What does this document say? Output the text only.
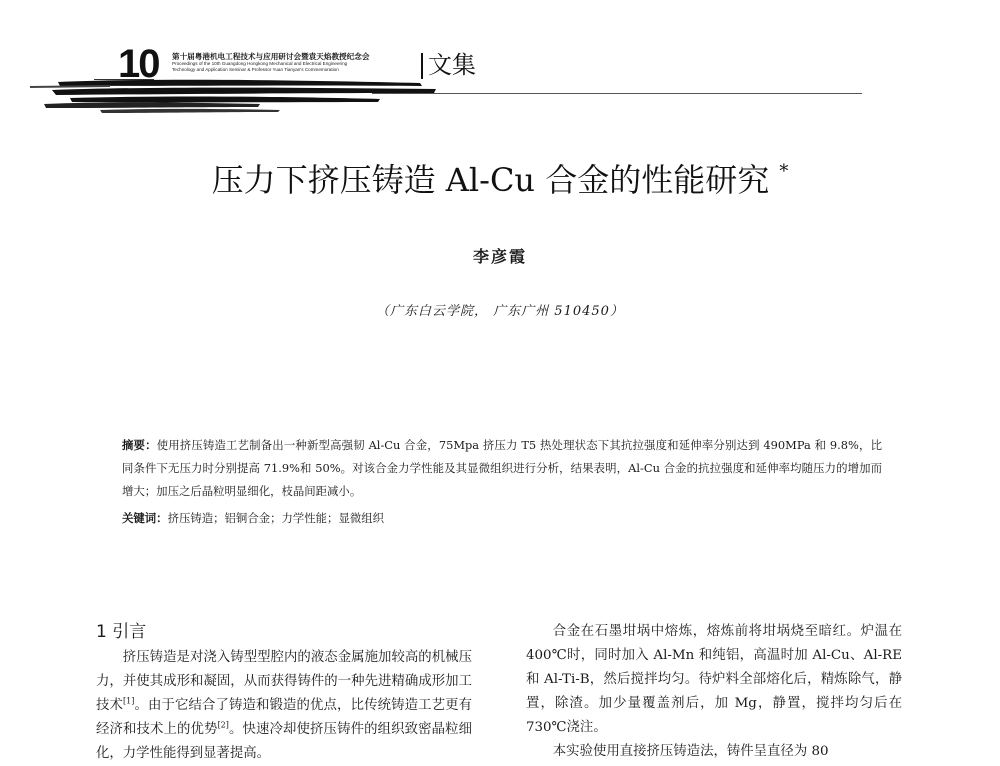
10 第十届粤港机电工程技术与应用研讨会暨袁天焰教授纪念会
Proceedings of the 10th Guangdong Hongkong Mechanical and Electrical Engineering
Technology and Application Seminar & Professor Yuan Tianyan's Commemoration	文集
压力下挤压铸造 Al-Cu 合金的性能研究 *
李彦霞
（广东白云学院， 广东广州 510450）
摘要：使用挤压铸造工艺制备出一种新型高强韧 Al-Cu 合金，75Mpa 挤压力 T5 热处理状态下其抗拉强度和延伸率分别达到 490MPa 和 9.8%，比同条件下无压力时分别提高 71.9%和 50%。对该合金力学性能及其显微组织进行分析，结果表明，Al-Cu 合金的抗拉强度和延伸率均随压力的增加而增大；加压之后晶粒明显细化，枝晶间距减小。
关键词：挤压铸造；铝铜合金；力学性能；显微组织
1 引言

挤压铸造是对浇入铸型型腔内的液态金属施加较高的机械压力，并使其成形和凝固，从而获得铸件的一种先进精确成形加工技术[1]。由于它结合了铸造和锻造的优点，比传统铸造工艺更有经济和技术上的优势[2]。快速冷却使挤压铸件的组织致密晶粒细化，力学性能得到显著提高。

合金在石墨坩埚中熔炼，熔炼前将坩埚烧至暗红。炉温在 400℃时，同时加入 Al-Mn 和纯铝，高温时加 Al-Cu、Al-RE 和 Al-Ti-B，然后搅拌均匀。待炉料全部熔化后，精炼除气，静置，除渣。加少量覆盖剂后，加 Mg，静置，搅拌均匀后在 730℃浇注。

本实验使用直接挤压铸造法，铸件呈直径为 80
